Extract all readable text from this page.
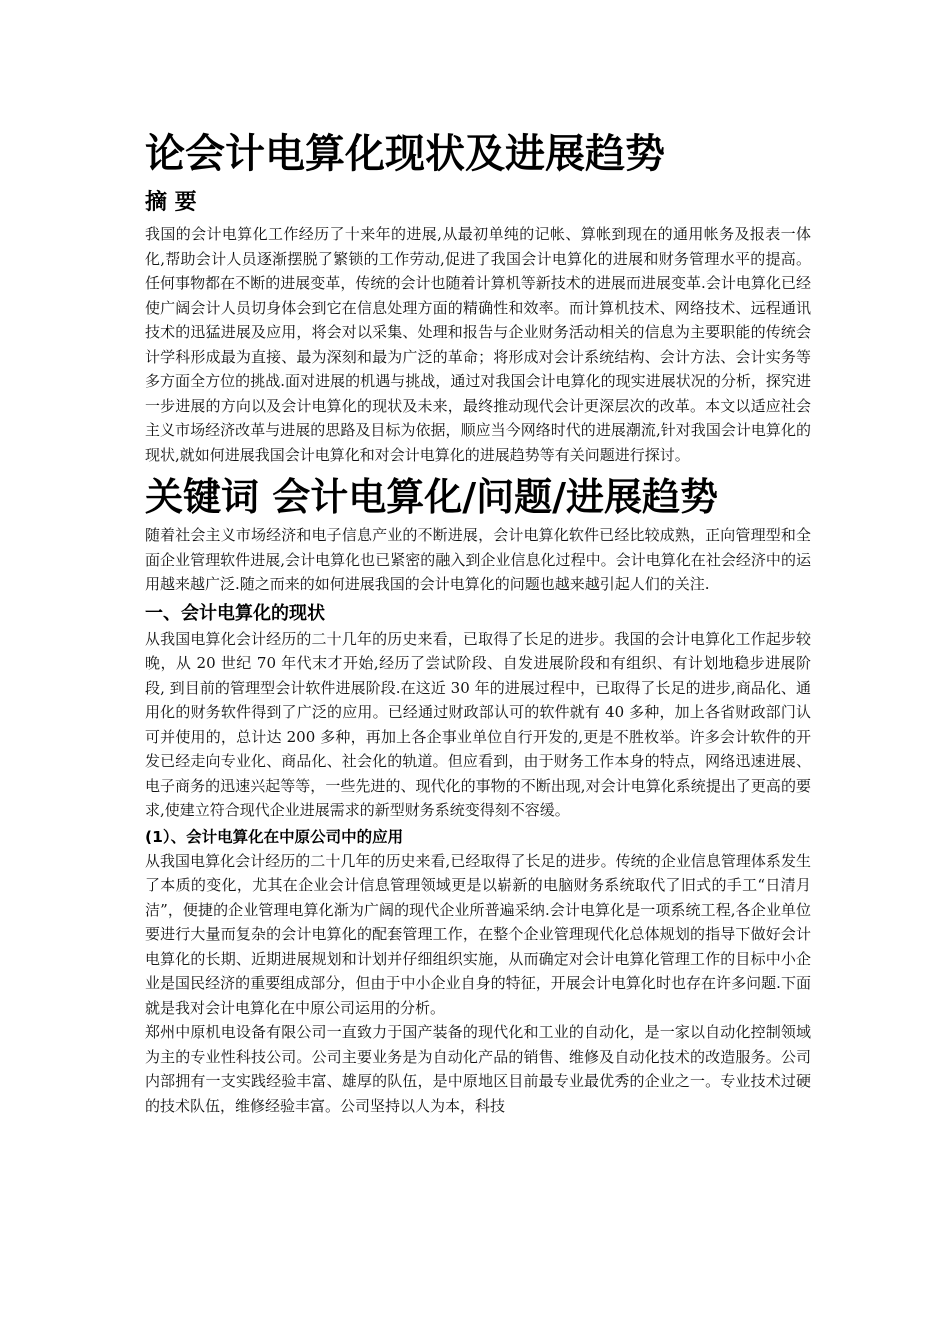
论会计电算化现状及进展趋势
摘 要

我国的会计电算化工作经历了十来年的进展,从最初单纯的记帐、算帐到现在的通用帐务及报表一体化,帮助会计人员逐渐摆脱了繁锁的工作劳动,促进了我国会计电算化的进展和财务管理水平的提高。任何事物都在不断的进展变革，传统的会计也随着计算机等新技术的进展而进展变革.会计电算化已经使广阔会计人员切身体会到它在信息处理方面的精确性和效率。而计算机技术、网络技术、远程通讯技术的迅猛进展及应用，将会对以采集、处理和报告与企业财务活动相关的信息为主要职能的传统会计学科形成最为直接、最为深刻和最为广泛的革命；将形成对会计系统结构、会计方法、会计实务等多方面全方位的挑战.面对进展的机遇与挑战，通过对我国会计电算化的现实进展状况的分析，探究进一步进展的方向以及会计电算化的现状及未来，最终推动现代会计更深层次的改革。本文以适应社会主义市场经济改革与进展的思路及目标为依据，顺应当今网络时代的进展潮流,针对我国会计电算化的现状,就如何进展我国会计电算化和对会计电算化的进展趋势等有关问题进行探讨。

关键词 会计电算化/问题/进展趋势

随着社会主义市场经济和电子信息产业的不断进展，会计电算化软件已经比较成熟，正向管理型和全面企业管理软件进展,会计电算化也已紧密的融入到企业信息化过程中。会计电算化在社会经济中的运用越来越广泛.随之而来的如何进展我国的会计电算化的问题也越来越引起人们的关注.

一、会计电算化的现状

从我国电算化会计经历的二十几年的历史来看，已取得了长足的进步。我国的会计电算化工作起步较晚，从 20 世纪 70 年代末才开始,经历了尝试阶段、自发进展阶段和有组织、有计划地稳步进展阶段, 到目前的管理型会计软件进展阶段.在这近 30 年的进展过程中，已取得了长足的进步,商品化、通用化的财务软件得到了广泛的应用。已经通过财政部认可的软件就有 40 多种，加上各省财政部门认可并使用的，总计达 200 多种，再加上各企事业单位自行开发的,更是不胜枚举。许多会计软件的开发已经走向专业化、商品化、社会化的轨道。但应看到，由于财务工作本身的特点，网络迅速进展、电子商务的迅速兴起等等，一些先进的、现代化的事物的不断出现,对会计电算化系统提出了更高的要求,使建立符合现代企业进展需求的新型财务系统变得刻不容缓。

(1）、会计电算化在中原公司中的应用

从我国电算化会计经历的二十几年的历史来看,已经取得了长足的进步。传统的企业信息管理体系发生了本质的变化，尤其在企业会计信息管理领域更是以崭新的电脑财务系统取代了旧式的手工“日清月洁”，便捷的企业管理电算化渐为广阔的现代企业所普遍采纳.会计电算化是一项系统工程,各企业单位要进行大量而复杂的会计电算化的配套管理工作，在整个企业管理现代化总体规划的指导下做好会计电算化的长期、近期进展规划和计划并仔细组织实施，从而确定对会计电算化管理工作的目标中小企业是国民经济的重要组成部分，但由于中小企业自身的特征，开展会计电算化时也存在许多问题.下面就是我对会计电算化在中原公司运用的分析。

郑州中原机电设备有限公司一直致力于国产装备的现代化和工业的自动化，是一家以自动化控制领域为主的专业性科技公司。公司主要业务是为自动化产品的销售、维修及自动化技术的改造服务。公司内部拥有一支实践经验丰富、雄厚的队伍，是中原地区目前最专业最优秀的企业之一。专业技术过硬的技术队伍，维修经验丰富。公司坚持以人为本，科技
